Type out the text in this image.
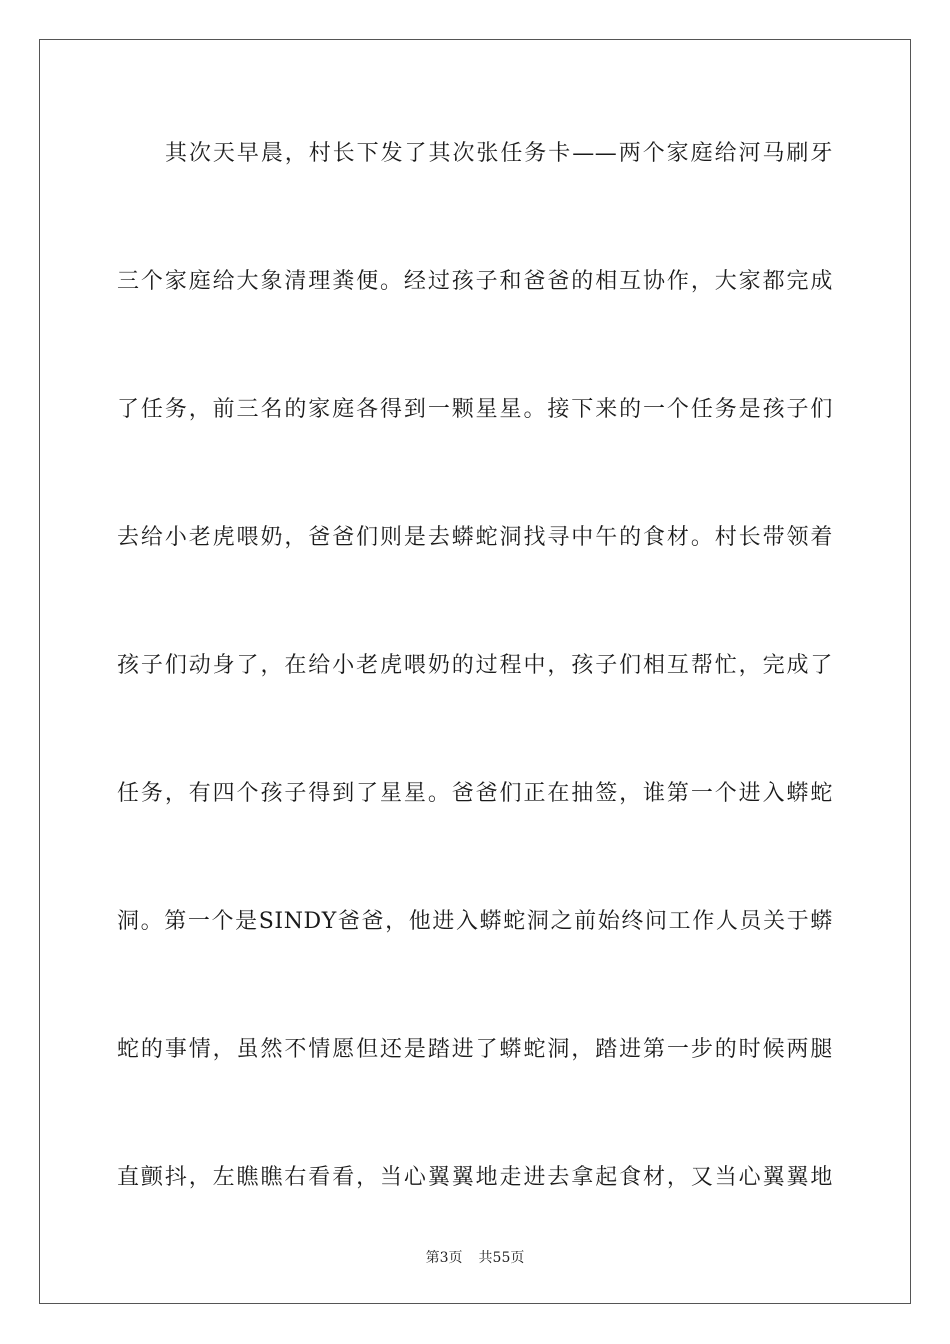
其次天早晨，村长下发了其次张任务卡——两个家庭给河马刷牙
三个家庭给大象清理粪便。经过孩子和爸爸的相互协作，大家都完成
了任务，前三名的家庭各得到一颗星星。接下来的一个任务是孩子们
去给小老虎喂奶，爸爸们则是去蟒蛇洞找寻中午的食材。村长带领着
孩子们动身了，在给小老虎喂奶的过程中，孩子们相互帮忙，完成了
任务，有四个孩子得到了星星。爸爸们正在抽签，谁第一个进入蟒蛇
洞。第一个是SINDY爸爸，他进入蟒蛇洞之前始终问工作人员关于蟒
蛇的事情，虽然不情愿但还是踏进了蟒蛇洞，踏进第一步的时候两腿
直颤抖，左瞧瞧右看看，当心翼翼地走进去拿起食材，又当心翼翼地
第3页 共55页
